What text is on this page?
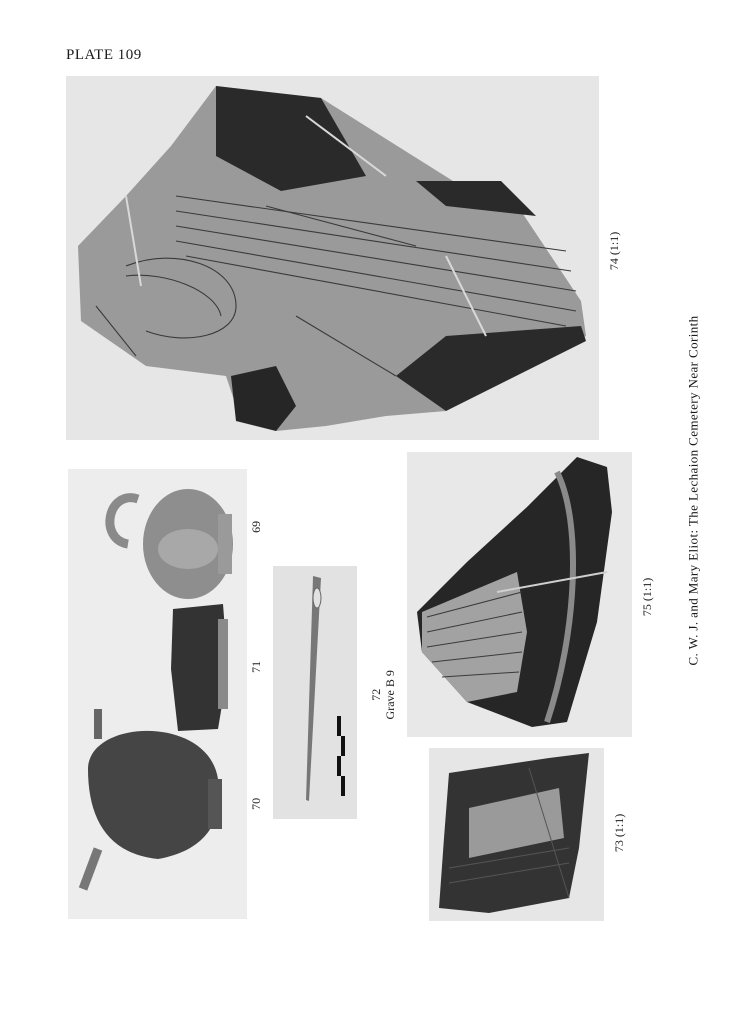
PLATE 109
74 (1:1)
69
71
70
72 Grave B 9
75 (1:1)
73 (1:1)
C. W. J. and Mary Eliot: The Lechaion Cemetery Near Corinth
